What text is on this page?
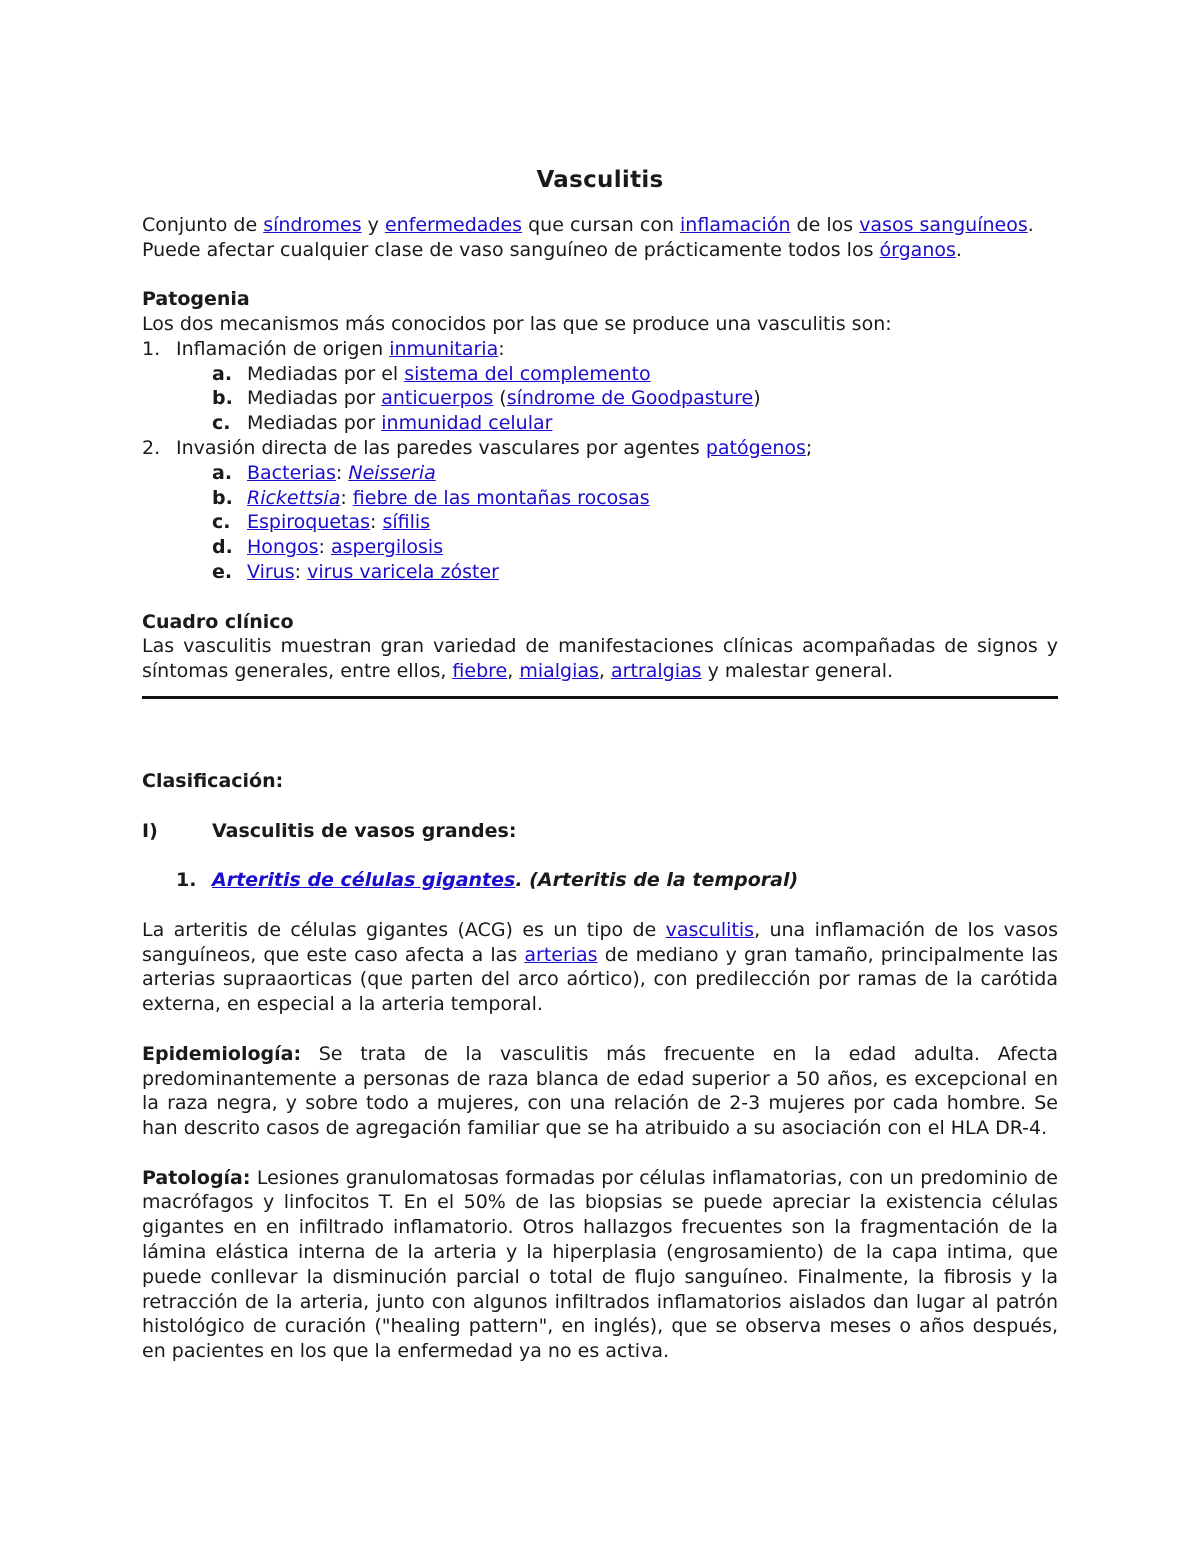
Vasculitis

Conjunto de síndromes y enfermedades que cursan con inflamación de los vasos sanguíneos.
Puede afectar cualquier clase de vaso sanguíneo de prácticamente todos los órganos.

Patogenia

Los dos mecanismos más conocidos por las que se produce una vasculitis son:

1. Inflamación de origen inmunitaria:
a. Mediadas por el sistema del complemento
b. Mediadas por anticuerpos (síndrome de Goodpasture)
c. Mediadas por inmunidad celular
2. Invasión directa de las paredes vasculares por agentes patógenos;
a. Bacterias: Neisseria
b. Rickettsia: fiebre de las montañas rocosas
c. Espiroquetas: sífilis
d. Hongos: aspergilosis
e. Virus: virus varicela zóster

Cuadro clínico

Las vasculitis muestran gran variedad de manifestaciones clínicas acompañadas de signos y síntomas generales, entre ellos, fiebre, mialgias, artralgias y malestar general.

Clasificación:

I)	Vasculitis de vasos grandes:
1. Arteritis de células gigantes. (Arteritis de la temporal)

La arteritis de células gigantes (ACG) es un tipo de vasculitis, una inflamación de los vasos sanguíneos, que este caso afecta a las arterias de mediano y gran tamaño, principalmente las arterias supraaorticas (que parten del arco aórtico), con predilección por ramas de la carótida externa, en especial a la arteria temporal.

Epidemiología: Se trata de la vasculitis más frecuente en la edad adulta. Afecta predominantemente a personas de raza blanca de edad superior a 50 años, es excepcional en la raza negra, y sobre todo a mujeres, con una relación de 2-3 mujeres por cada hombre. Se han descrito casos de agregación familiar que se ha atribuido a su asociación con el HLA DR-4.

Patología: Lesiones granulomatosas formadas por células inflamatorias, con un predominio de macrófagos y linfocitos T. En el 50% de las biopsias se puede apreciar la existencia células gigantes en en infiltrado inflamatorio. Otros hallazgos frecuentes son la fragmentación de la lámina elástica interna de la arteria y la hiperplasia (engrosamiento) de la capa intima, que puede conllevar la disminución parcial o total de flujo sanguíneo. Finalmente, la fibrosis y la retracción de la arteria, junto con algunos infiltrados inflamatorios aislados dan lugar al patrón histológico de curación ("healing pattern", en inglés), que se observa meses o años después, en pacientes en los que la enfermedad ya no es activa.
